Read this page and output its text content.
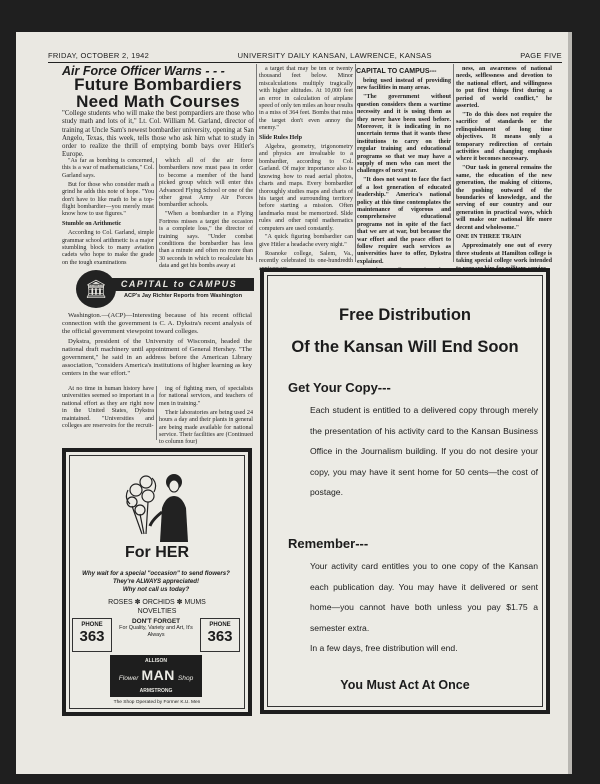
FRIDAY, OCTOBER 2, 1942	UNIVERSITY DAILY KANSAN, LAWRENCE, KANSAS	PAGE FIVE
Air Force Officer Warns - - -
Future Bombardiers Need Math Courses
"College students who will make the best pompardiers are those who study math and lots of it," Lt. Col. William M. Garland, director of training at Uncle Sam's newest bombardier university, opening at San Angelo, Texas, this week, tells those who ask him what to study in order to realize the thrill of emptying bomb bays over Hitler's Europe.

"As far as bombing is concerned, this is a war of mathematicians," Col. Garland says.

But for those who consider math a grind he adds this note of hope. "You don't have to like math to be a top-flight bombardier—you merely must know how to use figures."

Stumble on Arithmetic

According to Col. Garland, simple grammar school arithmetic is a major stumbling block to many aviation cadets who hope to make the grade on the tough examinations

which all of the air force bombardiers now must pass in order to become a member of the hand picked group which will enter this Advanced Flying School or one of the other great Army Air Forces bombardier schools.

"When a bombardier in a Flying Fortress misses a target the occasion is a complete loss," the director of training says. "Under combat conditions the bombardier has less than a minute and often no more than 30 seconds in which to recalculate his data and get his bombs away at

a target that may be ten or twenty thousand feet below. Minor miscalculations multiply tragically with higher altitudes. At 10,000 feet an error in calculation of airplane speed of only ten miles an hour results in a miss of 364 feet. Bombs that miss the target don't even annoy the enemy."

Slide Rules Help

Algebra, geometry, trigonometry and physics are invaluable to a bombardier, according to Col. Garland. Of major importance also is knowing how to read aerial photos, charts and maps. Every bombardier thoroughly studies maps and charts of his target and surrounding territory before starting a mission. Often landmarks must be memorized. Slide rules and other rapid mathematics computers are used constantly.

"A quick figuring bombardier can give Hitler a headache every night."

Roanoke college, Salem, Va., recently celebrated its one-hundredth

CAPITAL TO CAMPUS---

being used instead of providing new facilities in many areas.

"The government without question considers them a wartime necessity and it is using them as they never have been used before. Moreover, it is indicating in no uncertain terms that it wants these institutions to carry on their regular training and educational programs so that we may have a supply of men who can meet the challenges of next year.

"It does not want to face the fact of a lost generation of educated leadership." America's national policy at this time contemplates the maintenance of vigorous and comprehensive educational programs not in spite of the fact that we are at war, but because the war effort and the peace effort to follow require such services as universities have to offer, Dykstra explained.

ness, an awareness of national needs, selflessness and devotion to the national effort, and willingness to put first things first during a period of world conflict," he asserted.

"To do this does not require the sacrifice of standards or the relinquishment of long time objectives. It means only a temporary redirection of certain activities and changing emphasis where it becomes necessary.

"Our task in general remains the same, the education of the new generation, the making of citizens, the pushing outward of the boundaries of knowledge, and the serving of our country and our generation in practical ways, which will make our national life more decent and wholesome."

ONE IN THREE TRAIN

Approximately one out of every three students at Hamilton college is taking special college work intended

CAPITAL to CAMPUS
🏛	ACP's Jay Richter Reports from Washington

Washington.—(ACP)—Interesting because of his recent official connection with the government is C. A. Dykstra's recent analysis of the official government viewpoint toward colleges.

Dykstra, president of the University of Wisconsin, headed the national draft machinery until appointment of General Hershey. "The government," he said in an address before the American Library association, "considers America's institutions of higher learning as key centers in the war effort."

At no time in human history have universities seemed so important in a national effort as they are right now in the United States, Dykstra maintained. "Universities and colleges are reservoirs for the recruit-

ing of fighting men, of specialists for national services, and teachers of men in training."

Their laboratories are being used 24 hours a day and their plants in general are being made available for national service. Their facilities are (Continued to column four)

For HER
Why wait for a special "occasion" to send flowers? They're ALWAYS appreciated!
Why not call us today?
ROSES ✽ ORCHIDS ✽ MUMS
NOVELTIES
PHONE
363
DON'T FORGET
For Quality, Variety and Art, It's Always
PHONE
363
ALLISON
Flower MAN Shop
ARMSTRONG
The Shop Operated by Former K.U. Men
Free Distribution
Of the Kansan Will End Soon
Get Your Copy---
Each student is entitled to a delivered copy through merely the presentation of his activity card to the Kansan Business Office in the Journalism building. If you do not desire your copy, you may have it sent home for 50 cents—the cost of postage.
Remember---
Your activity card entitles you to one copy of the Kansan each publication day. You may have it delivered or sent home—you cannot have both unless you pay $1.75 a semester extra.
In a few days, free distribution will end.
You Must Act At Once
